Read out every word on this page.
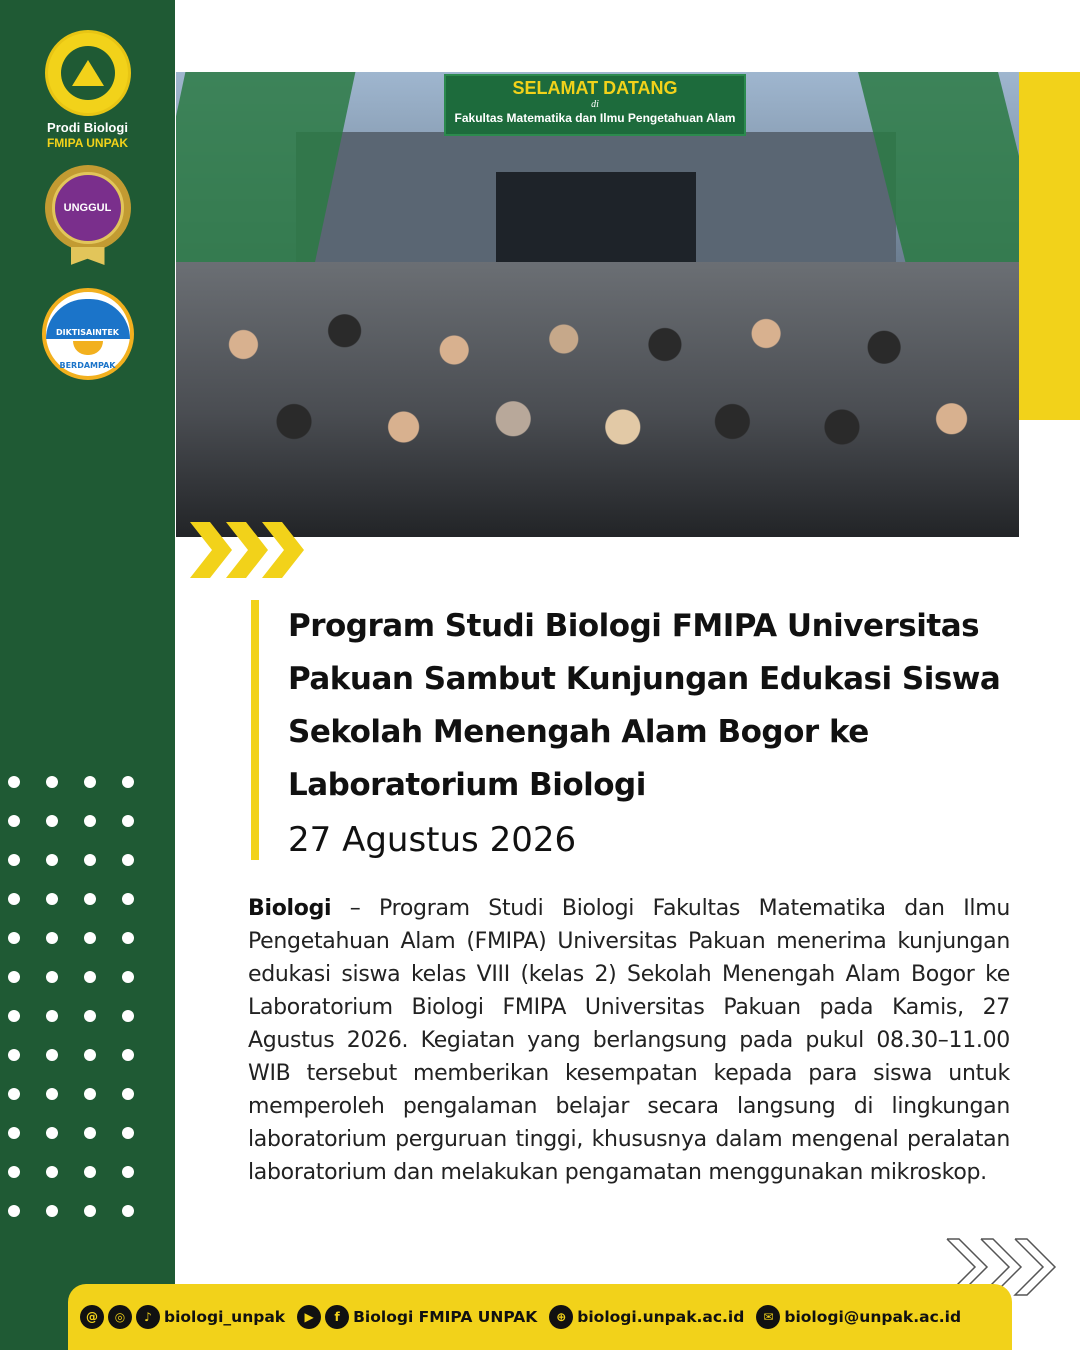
Prodi Biologi
FMIPA UNPAK
UNGGUL
DIKTISAINTEK
BERDAMPAK
SELAMAT DATANG
di
Fakultas Matematika dan Ilmu Pengetahuan Alam
Program Studi Biologi FMIPA Universitas Pakuan Sambut Kunjungan Edukasi Siswa Sekolah Menengah Alam Bogor ke Laboratorium Biologi
27 Agustus 2026
Biologi – Program Studi Biologi Fakultas Matematika dan Ilmu Pengetahuan Alam (FMIPA) Universitas Pakuan menerima kunjungan edukasi siswa kelas VIII (kelas 2) Sekolah Menengah Alam Bogor ke Laboratorium Biologi FMIPA Universitas Pakuan pada Kamis, 27 Agustus 2026. Kegiatan yang berlangsung pada pukul 08.30–11.00 WIB tersebut memberikan kesempatan kepada para siswa untuk memperoleh pengalaman belajar secara langsung di lingkungan laboratorium perguruan tinggi, khususnya dalam mengenal peralatan laboratorium dan melakukan pengamatan menggunakan mikroskop.
@	◎	♪ biologi_unpak	▶	f Biologi FMIPA UNPAK	⊕ biologi.unpak.ac.id	✉ biologi@unpak.ac.id
